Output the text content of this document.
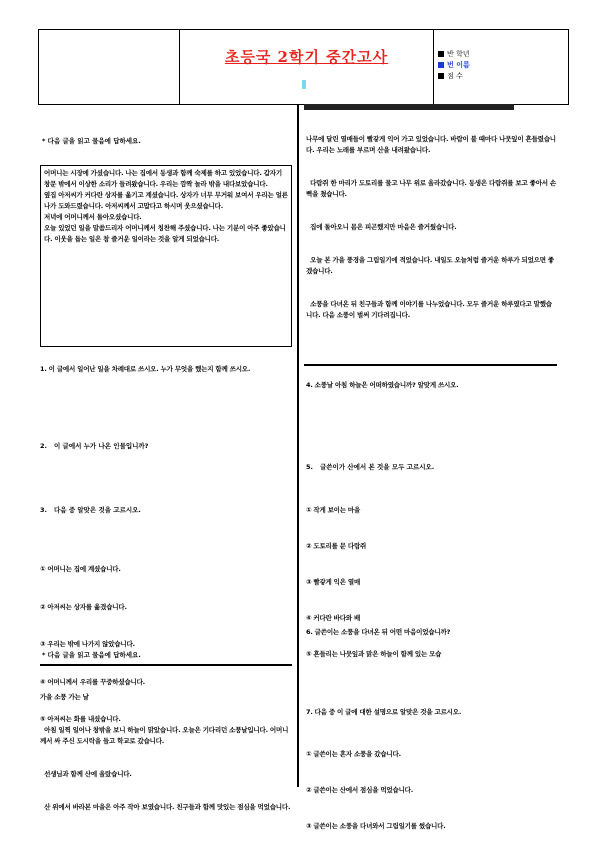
초등국 2학기 중간고사	반 학년
번 이름
점 수
* 다음 글을 읽고 물음에 답하세요.
어머니는 시장에 가셨습니다. 나는 집에서 동생과 함께 숙제를 하고 있었습니다. 갑자기 창문 밖에서 이상한 소리가 들려왔습니다. 우리는 깜짝 놀라 밖을 내다보았습니다.
옆집 아저씨가 커다란 상자를 옮기고 계셨습니다. 상자가 너무 무거워 보여서 우리는 얼른 나가 도와드렸습니다. 아저씨께서 고맙다고 하시며 웃으셨습니다.
저녁에 어머니께서 돌아오셨습니다.
오늘 있었던 일을 말씀드리자 어머니께서 칭찬해 주셨습니다. 나는 기분이 아주 좋았습니다. 이웃을 돕는 일은 참 즐거운 일이라는 것을 알게 되었습니다.
1. 이 글에서 일어난 일을 차례대로 쓰시오. 누가 무엇을 했는지 함께 쓰시오.
2. 이 글에서 누가 나온 인물입니까?
3. 다음 중 알맞은 것을 고르시오.

① 어머니는 집에 계셨습니다.

② 아저씨는 상자를 옮겼습니다.

③ 우리는 밖에 나가지 않았습니다.

④ 어머니께서 우리를 꾸중하셨습니다.

⑤ 아저씨는 화를 내셨습니다.

* 다음 글을 읽고 물음에 답하세요.

가을 소풍 가는 날

아침 일찍 일어나 창밖을 보니 하늘이 맑았습니다. 오늘은 기다리던 소풍날입니다. 어머니께서 싸 주신 도시락을 들고 학교로 갔습니다.

선생님과 함께 산에 올랐습니다.

산 위에서 바라본 마을은 아주 작아 보였습니다. 친구들과 함께 맛있는 점심을 먹었습니다.

나무에 달린 열매들이 빨갛게 익어 가고 있었습니다. 바람이 불 때마다 나뭇잎이 흔들렸습니다. 우리는 노래를 부르며 산을 내려왔습니다.

다람쥐 한 마리가 도토리를 물고 나무 위로 올라갔습니다. 동생은 다람쥐를 보고 좋아서 손뼉을 쳤습니다.

집에 돌아오니 몸은 피곤했지만 마음은 즐거웠습니다.

오늘 본 가을 풍경을 그림일기에 적었습니다. 내일도 오늘처럼 즐거운 하루가 되었으면 좋겠습니다.

소풍을 다녀온 뒤 친구들과 함께 이야기를 나누었습니다. 모두 즐거운 하루였다고 말했습니다. 다음 소풍이 벌써 기다려집니다.

4. 소풍날 아침 하늘은 어떠하였습니까? 알맞게 쓰시오.
5. 글쓴이가 산에서 본 것을 모두 고르시오.

① 작게 보이는 마을

② 도토리를 문 다람쥐

③ 빨갛게 익은 열매

④ 커다란 바다와 배

⑤ 흔들리는 나뭇잎과 맑은 하늘이 함께 있는 모습

6. 글쓴이는 소풍을 다녀온 뒤 어떤 마음이었습니까?
7. 다음 중 이 글에 대한 설명으로 알맞은 것을 고르시오.

① 글쓴이는 혼자 소풍을 갔습니다.

② 글쓴이는 산에서 점심을 먹었습니다.

③ 글쓴이는 소풍을 다녀와서 그림일기를 썼습니다.
